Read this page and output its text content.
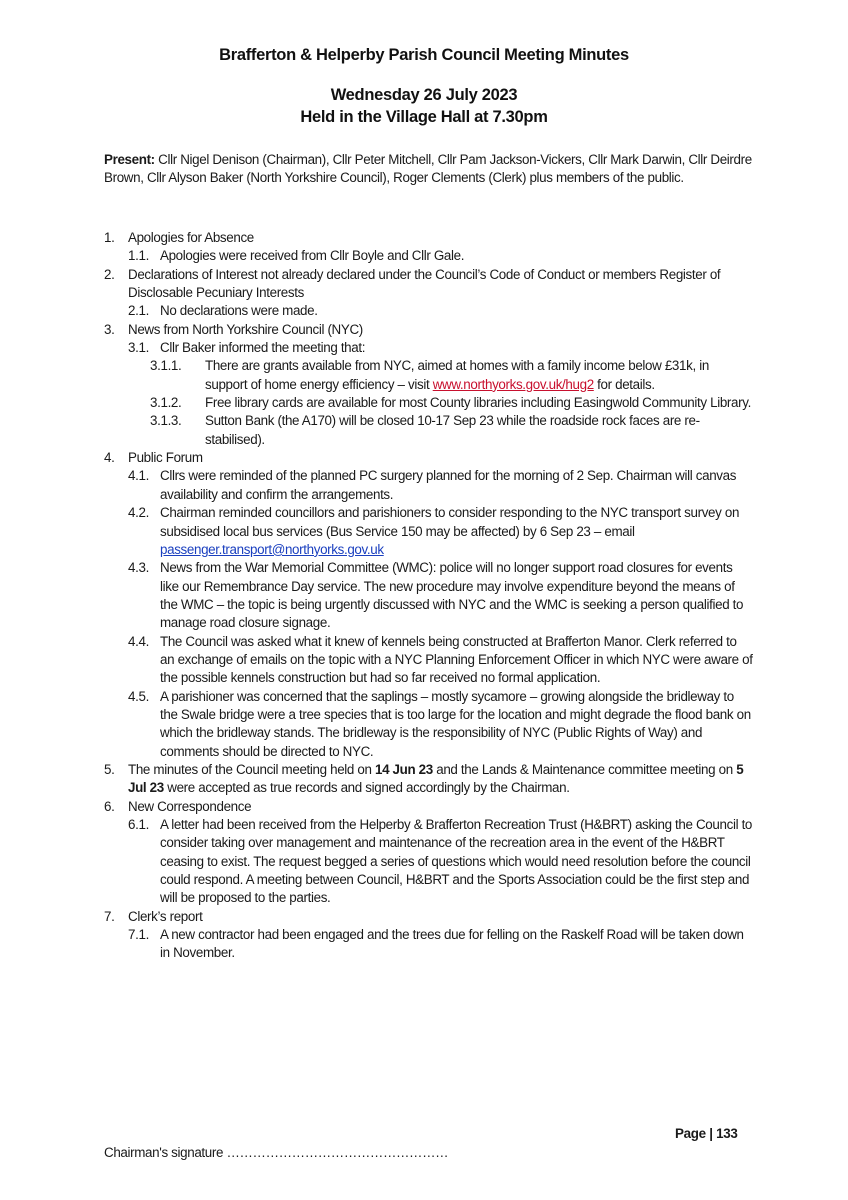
Brafferton & Helperby Parish Council Meeting Minutes
Wednesday 26 July 2023
Held in the Village Hall at 7.30pm
Present: Cllr Nigel Denison (Chairman), Cllr Peter Mitchell, Cllr Pam Jackson-Vickers, Cllr Mark Darwin, Cllr Deirdre Brown, Cllr Alyson Baker (North Yorkshire Council), Roger Clements (Clerk) plus members of the public.
1. Apologies for Absence
1.1. Apologies were received from Cllr Boyle and Cllr Gale.
2. Declarations of Interest not already declared under the Council’s Code of Conduct or members Register of Disclosable Pecuniary Interests
2.1. No declarations were made.
3. News from North Yorkshire Council (NYC)
3.1. Cllr Baker informed the meeting that:
3.1.1. There are grants available from NYC, aimed at homes with a family income below £31k, in support of home energy efficiency – visit www.northyorks.gov.uk/hug2 for details.
3.1.2. Free library cards are available for most County libraries including Easingwold Community Library.
3.1.3. Sutton Bank (the A170) will be closed 10-17 Sep 23 while the roadside rock faces are re-stabilised).
4. Public Forum
4.1. Cllrs were reminded of the planned PC surgery planned for the morning of 2 Sep. Chairman will canvas availability and confirm the arrangements.
4.2. Chairman reminded councillors and parishioners to consider responding to the NYC transport survey on subsidised local bus services (Bus Service 150 may be affected) by 6 Sep 23 – email passenger.transport@northyorks.gov.uk
4.3. News from the War Memorial Committee (WMC): police will no longer support road closures for events like our Remembrance Day service. The new procedure may involve expenditure beyond the means of the WMC – the topic is being urgently discussed with NYC and the WMC is seeking a person qualified to manage road closure signage.
4.4. The Council was asked what it knew of kennels being constructed at Brafferton Manor. Clerk referred to an exchange of emails on the topic with a NYC Planning Enforcement Officer in which NYC were aware of the possible kennels construction but had so far received no formal application.
4.5. A parishioner was concerned that the saplings – mostly sycamore – growing alongside the bridleway to the Swale bridge were a tree species that is too large for the location and might degrade the flood bank on which the bridleway stands. The bridleway is the responsibility of NYC (Public Rights of Way) and comments should be directed to NYC.
5. The minutes of the Council meeting held on 14 Jun 23 and the Lands & Maintenance committee meeting on 5 Jul 23 were accepted as true records and signed accordingly by the Chairman.
6. New Correspondence
6.1. A letter had been received from the Helperby & Brafferton Recreation Trust (H&BRT) asking the Council to consider taking over management and maintenance of the recreation area in the event of the H&BRT ceasing to exist. The request begged a series of questions which would need resolution before the council could respond. A meeting between Council, H&BRT and the Sports Association could be the first step and will be proposed to the parties.
7. Clerk’s report
7.1. A new contractor had been engaged and the trees due for felling on the Raskelf Road will be taken down in November.
Page | 133
Chairman's signature ……………………………………………
